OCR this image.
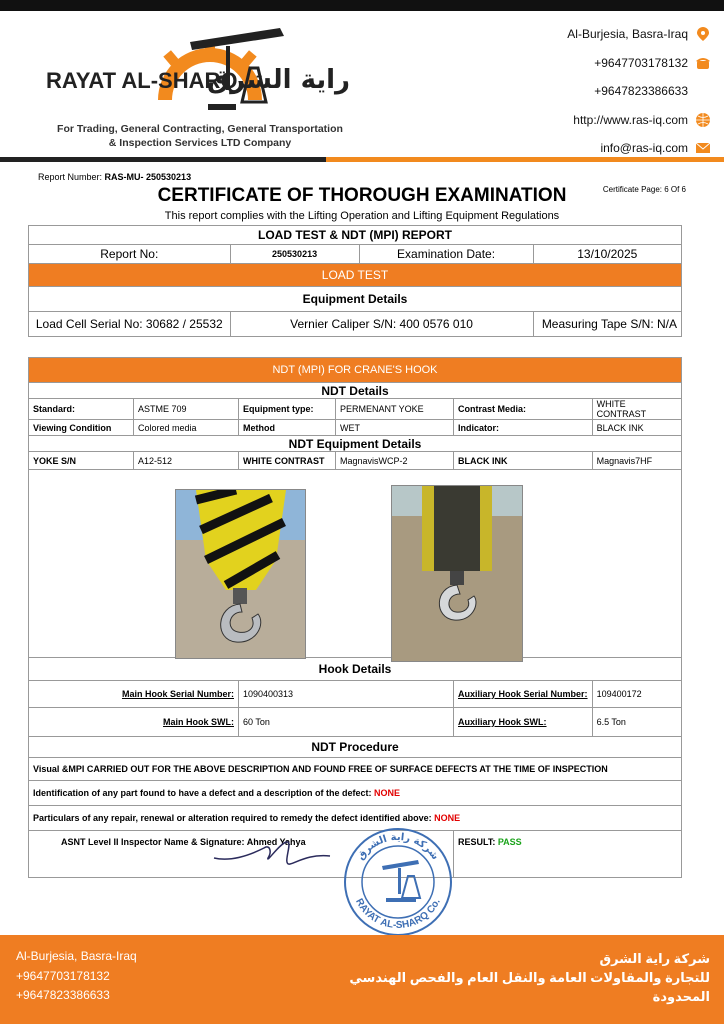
RAYAT AL-SHARQ
راية الشرق
For Trading, General Contracting, General Transportation
& Inspection Services LTD Company
Al-Burjesia, Basra-Iraq
+9647703178132
+9647823386633
http://www.ras-iq.com
info@ras-iq.com
Report Number: RAS-MU- 250530213
CERTIFICATE OF THOROUGH EXAMINATION	Certificate Page: 6 Of 6
This report complies with the Lifting Operation and Lifting Equipment Regulations
LOAD TEST & NDT (MPI) REPORT			
Report No:	250530213	Examination Date:	13/10/2025
LOAD TEST			
Equipment Details			
Load Cell Serial No: 30682 / 25532	Vernier Caliper S/N: 400 0576 010		Measuring Tape S/N: N/A
NDT (MPI) FOR CRANE'S HOOK					
NDT Details					
Standard:	ASTME 709	Equipment type:	PERMENANT YOKE	Contrast Media:	WHITE CONTRAST
Viewing Condition	Colored media	Method	WET	Indicator:	BLACK INK
NDT Equipment Details					
YOKE S/N	A12-512	WHITE CONTRAST	MagnavisWCP-2	BLACK INK	Magnavis7HF

Hook Details					
Main Hook Serial Number:		1090400313		Auxiliary Hook Serial Number:	109400172
Main Hook SWL:		60 Ton		Auxiliary Hook SWL:	6.5 Ton
NDT Procedure					
Visual &MPI CARRIED OUT FOR THE ABOVE DESCRIPTION AND FOUND FREE OF SURFACE DEFECTS AT THE TIME OF INSPECTION					
Identification of any part found to have a defect and a description of the defect: NONE					
Particulars of any repair, renewal or alteration required to remedy the defect identified above: NONE					
ASNT Level II Inspector Name & Signature: Ahmed Yahya				RESULT: PASS	
شركة راية الشرق
RAYAT AL-SHARQ Co.
Al-Burjesia, Basra-Iraq
+9647703178132
+9647823386633
شركة راية الشرق
للتجارة والمقاولات العامة والنقل العام والفحص الهندسي
المحدودة
